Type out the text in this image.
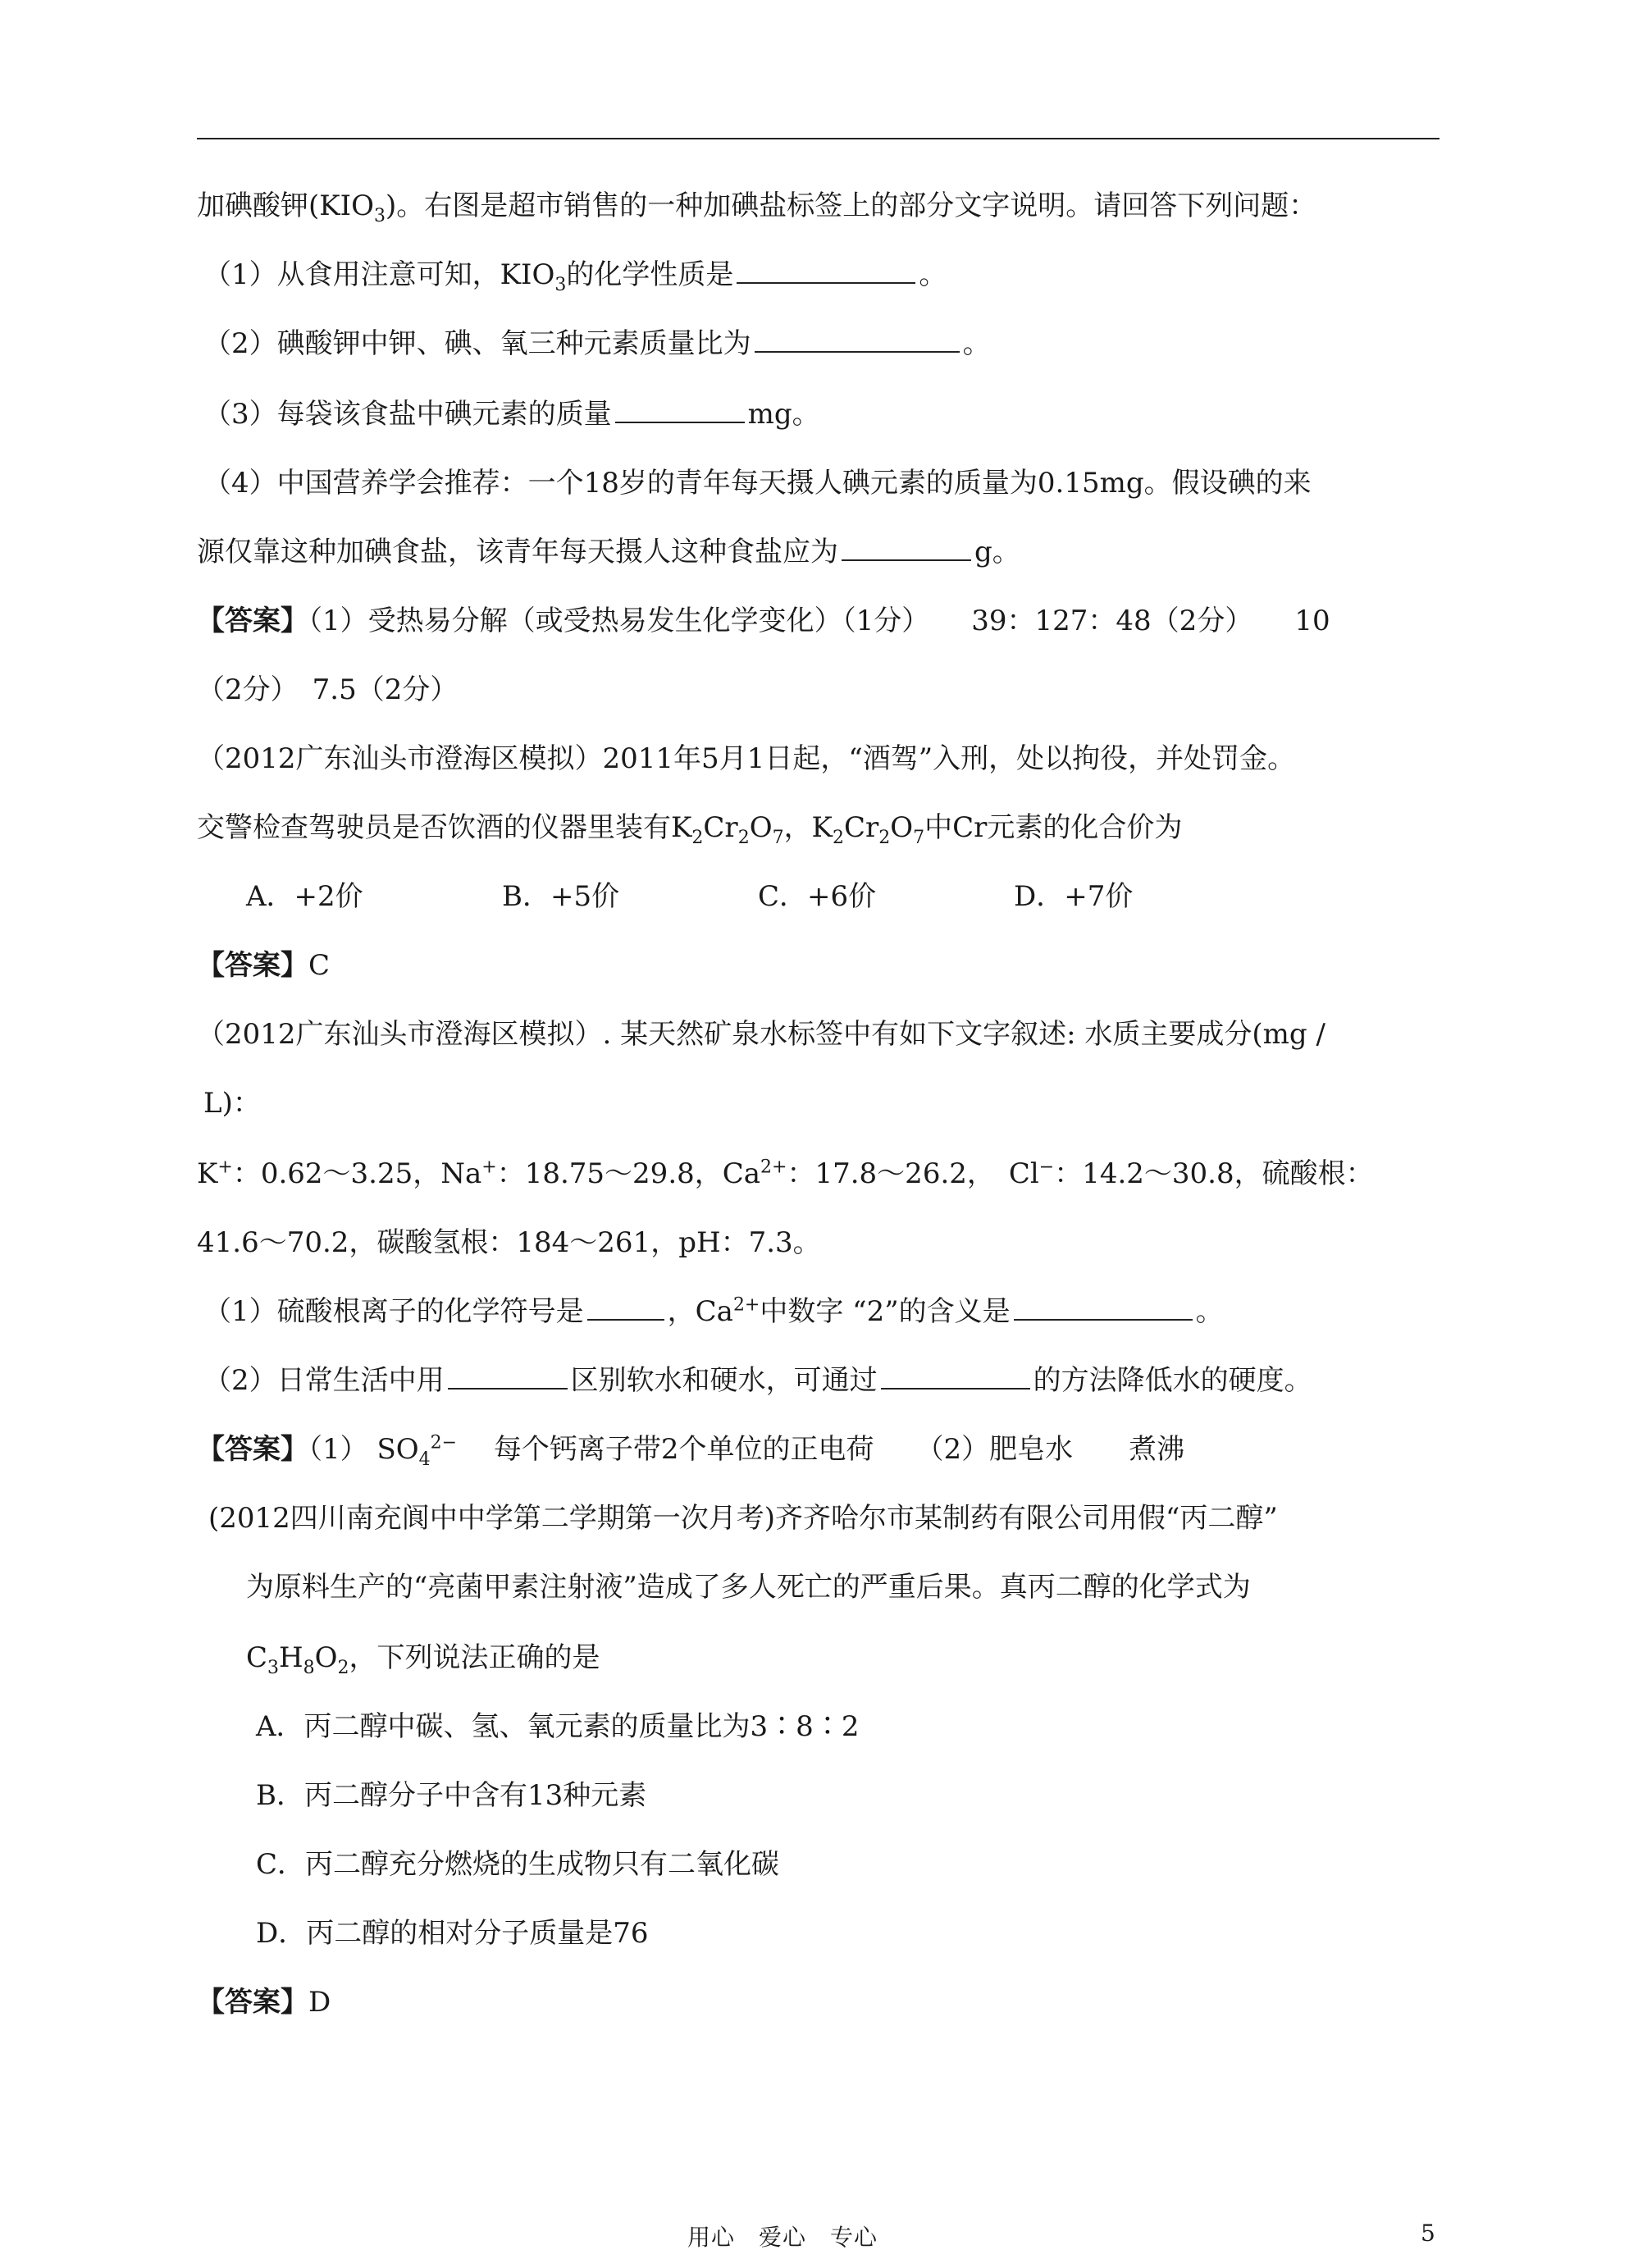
加碘酸钾$(KIO_3)$。右图是超市销售的一种加碘盐标签上的部分文字说明。请回答下列问题：
（1）从食用注意可知，$KIO_3$的化学性质是	。
（2）碘酸钾中钾、碘、氧三种元素质量比为	。
（3）每袋该食盐中碘元素的质量	mg。
（4）中国营养学会推荐：一个18岁的青年每天摄人碘元素的质量为0.15mg。假设碘的来
源仅靠这种加碘食盐，该青年每天摄人这种食盐应为	g。
【答案】（1）受热易分解（或受热易发生化学变化）（1分）　　39：127：48（2分）　　10
（2分）　7.5（2分）
（2012广东汕头市澄海区模拟）2011年5月1日起，“酒驾”入刑，处以拘役，并处罚金。
交警检查驾驶员是否饮酒的仪器里装有$K_2Cr_2O_7$，$K_2Cr_2O_7$中Cr元素的化合价为
A．+2价	B．+5价	C．+6价	D．+7价
【答案】C
（2012广东汕头市澄海区模拟）. 某天然矿泉水标签中有如下文字叙述: 水质主要成分(mg /
L)：
K+：0.62～3.25，Na+：18.75～29.8，$Ca^{2+}$：17.8～26.2，　Cl−：14.2～30.8，硫酸根：
41.6～70.2，碳酸氢根：184～261，pH：7.3。
（1）硫酸根离子的化学符号是	，$Ca^{2+}$中数字 “2”的含义是	。
（2）日常生活中用	区别软水和硬水，可通过	的方法降低水的硬度。
【答案】（1） $SO_4^{2-}$　 每个钙离子带2个单位的正电荷　　（2）肥皂水　　煮沸
(2012四川南充阆中中学第二学期第一次月考)齐齐哈尔市某制药有限公司用假“丙二醇”
为原料生产的“亮菌甲素注射液”造成了多人死亡的严重后果。真丙二醇的化学式为
$C_3H_8O_2$，下列说法正确的是
A．丙二醇中碳、氢、氧元素的质量比为3∶8∶2
B．丙二醇分子中含有13种元素
C．丙二醇充分燃烧的生成物只有二氧化碳
D．丙二醇的相对分子质量是76
【答案】D
用心　爱心　专心	5
